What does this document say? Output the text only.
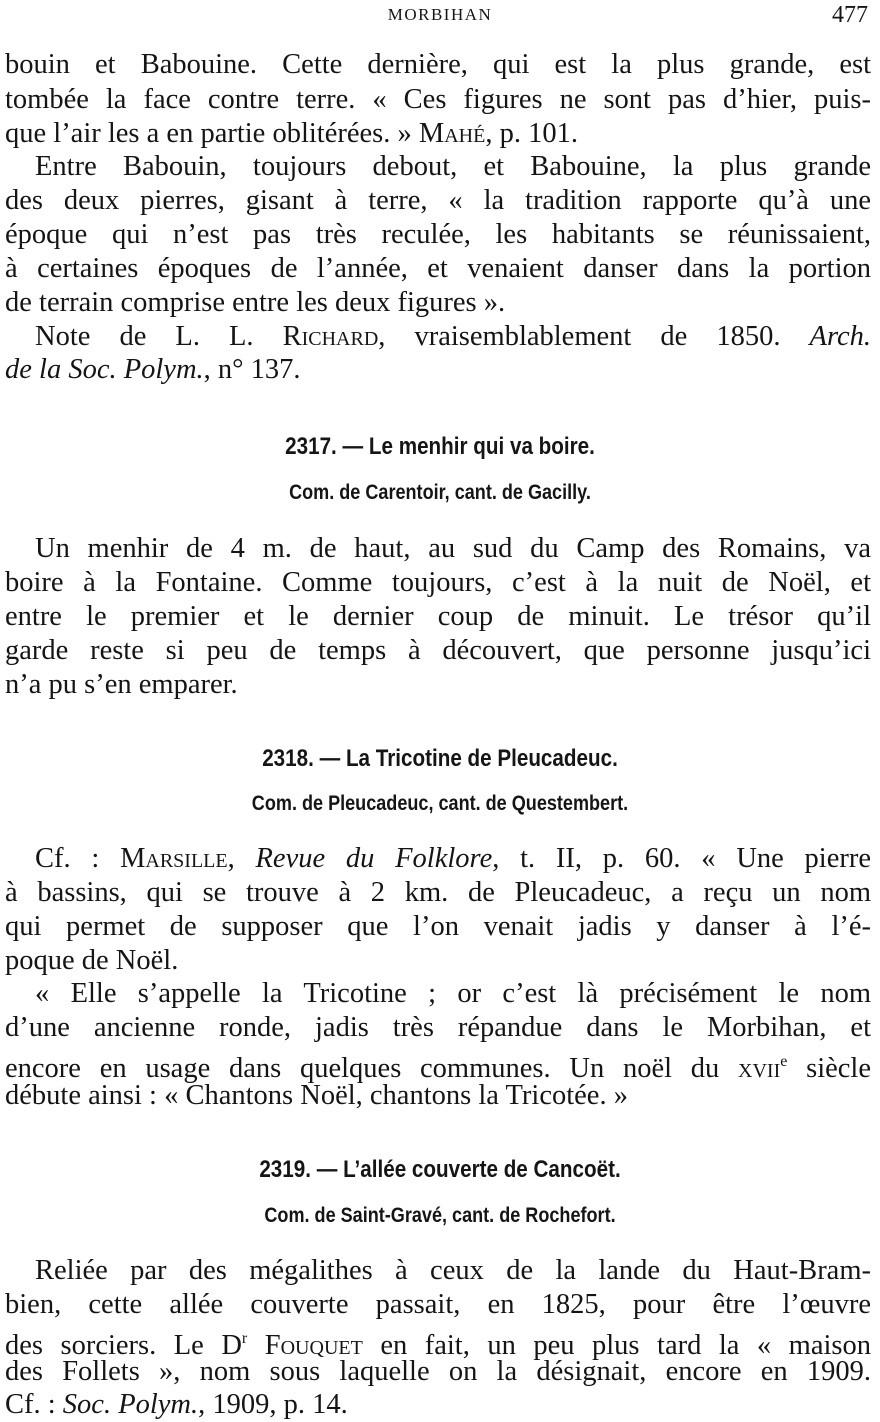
MORBIHAN	477
bouin et Babouine. Cette dernière, qui est la plus grande, est
tombée la face contre terre. « Ces figures ne sont pas d’hier, puis-
que l’air les a en partie oblitérées. » Mahé, p. 101.
Entre Babouin, toujours debout, et Babouine, la plus grande
des deux pierres, gisant à terre, « la tradition rapporte qu’à une
époque qui n’est pas très reculée, les habitants se réunissaient,
à certaines époques de l’année, et venaient danser dans la portion
de terrain comprise entre les deux figures ».
Note de L. L. Richard, vraisemblablement de 1850. Arch.
de la Soc. Polym., n° 137.
2317. — Le menhir qui va boire.
Com. de Carentoir, cant. de Gacilly.
Un menhir de 4 m. de haut, au sud du Camp des Romains, va
boire à la Fontaine. Comme toujours, c’est à la nuit de Noël, et
entre le premier et le dernier coup de minuit. Le trésor qu’il
garde reste si peu de temps à découvert, que personne jusqu’ici
n’a pu s’en emparer.
2318. — La Tricotine de Pleucadeuc.
Com. de Pleucadeuc, cant. de Questembert.
Cf. : Marsille, Revue du Folklore, t. II, p. 60. « Une pierre
à bassins, qui se trouve à 2 km. de Pleucadeuc, a reçu un nom
qui permet de supposer que l’on venait jadis y danser à l’é-
poque de Noël.
« Elle s’appelle la Tricotine ; or c’est là précisément le nom
d’une ancienne ronde, jadis très répandue dans le Morbihan, et
encore en usage dans quelques communes. Un noël du xvii$^e$ siècle
débute ainsi : « Chantons Noël, chantons la Tricotée. »
2319. — L’allée couverte de Cancoët.
Com. de Saint-Gravé, cant. de Rochefort.
Reliée par des mégalithes à ceux de la lande du Haut-Bram-
bien, cette allée couverte passait, en 1825, pour être l’œuvre
des sorciers. Le $D^r$ Fouquet en fait, un peu plus tard la « maison
des Follets », nom sous laquelle on la désignait, encore en 1909.
Cf. : Soc. Polym., 1909, p. 14.
